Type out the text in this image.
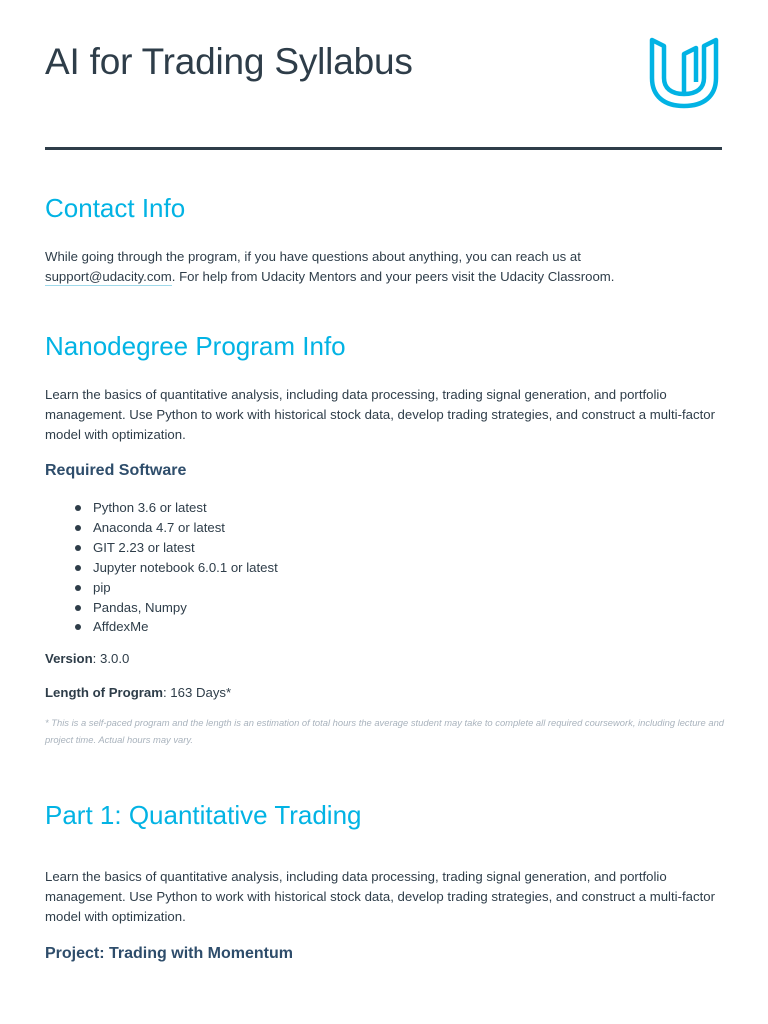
AI for Trading Syllabus
Contact Info

While going through the program, if you have questions about anything, you can reach us at
support@udacity.com. For help from Udacity Mentors and your peers visit the Udacity Classroom.

Nanodegree Program Info

Learn the basics of quantitative analysis, including data processing, trading signal generation, and portfolio management. Use Python to work with historical stock data, develop trading strategies, and construct a multi-factor model with optimization.

Required Software
Python 3.6 or latest
Anaconda 4.7 or latest
GIT 2.23 or latest
Jupyter notebook 6.0.1 or latest
pip
Pandas, Numpy
AffdexMe

Version: 3.0.0

Length of Program: 163 Days*

* This is a self-paced program and the length is an estimation of total hours the average student may take to complete all required coursework, including lecture and project time. Actual hours may vary.

Part 1: Quantitative Trading

Learn the basics of quantitative analysis, including data processing, trading signal generation, and portfolio management. Use Python to work with historical stock data, develop trading strategies, and construct a multi-factor model with optimization.

Project: Trading with Momentum
